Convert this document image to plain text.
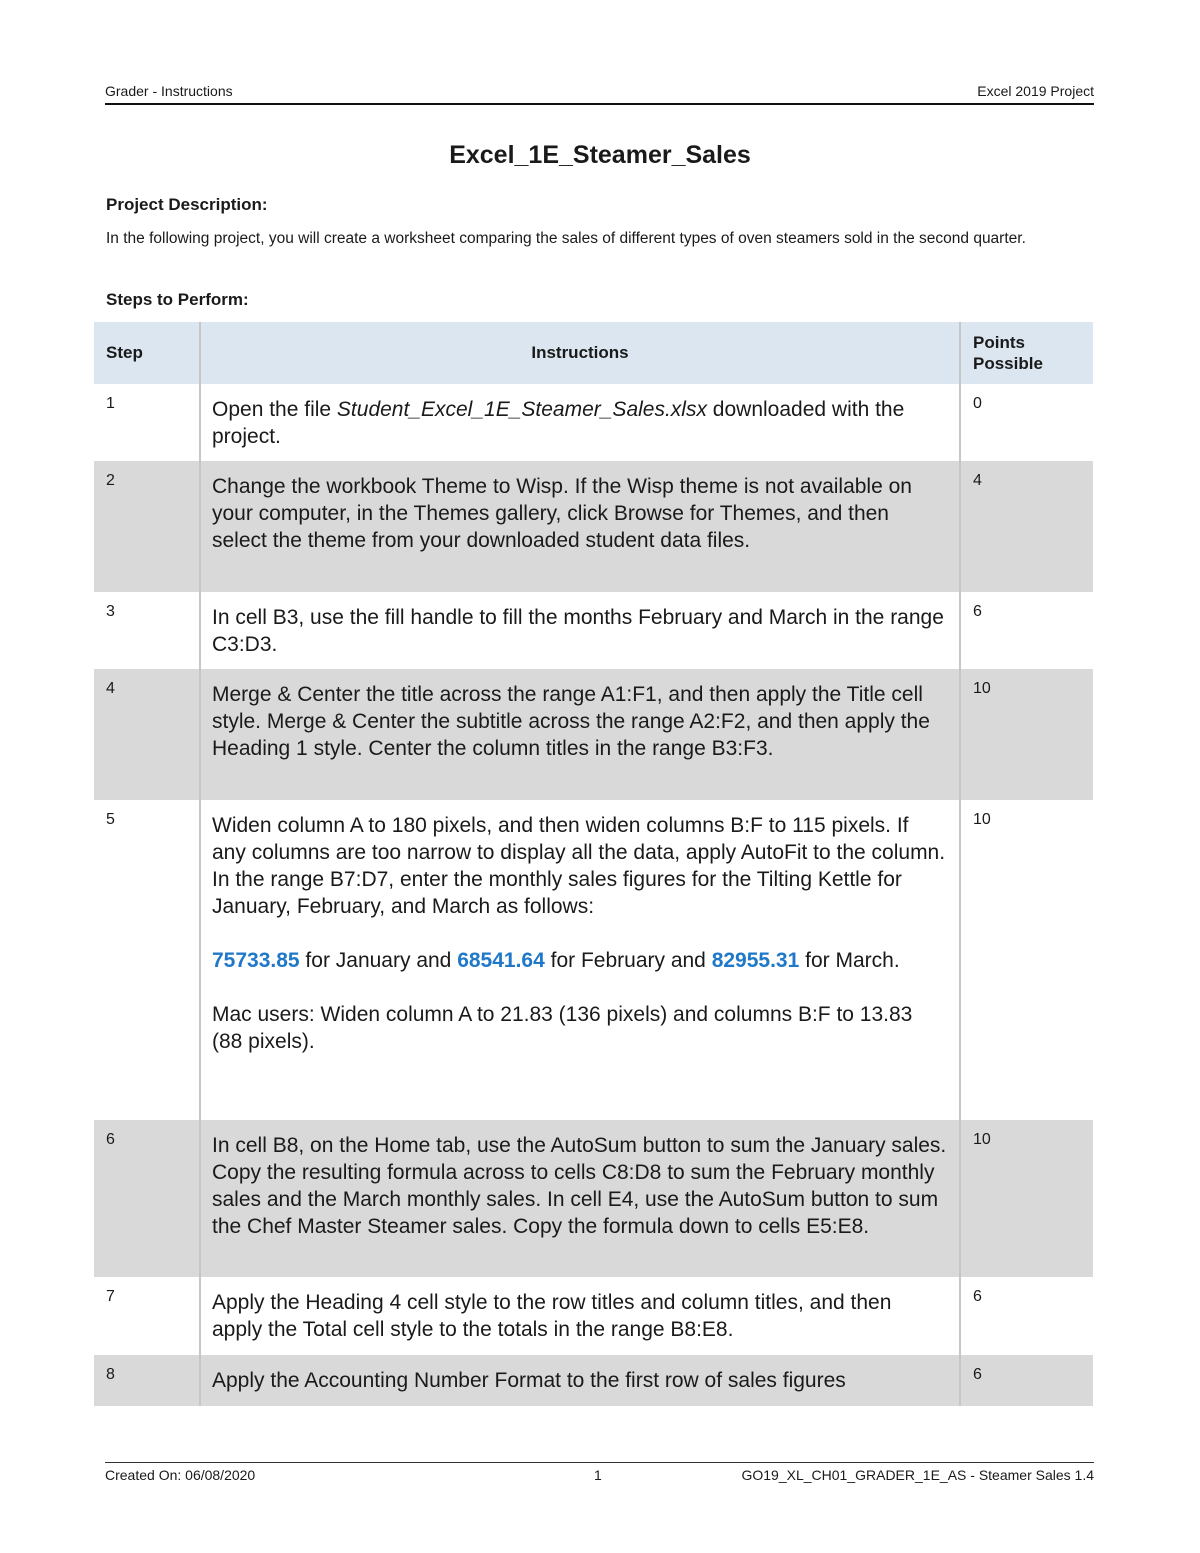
Grader - Instructions	Excel 2019 Project
Excel_1E_Steamer_Sales
Project Description:
In the following project, you will create a worksheet comparing the sales of different types of oven steamers sold in the second quarter.
Steps to Perform:
Step	Instructions	Points
Possible
1	Open the file Student_Excel_1E_Steamer_Sales.xlsx downloaded with the project.	0
2	Change the workbook Theme to Wisp. If the Wisp theme is not available on your computer, in the Themes gallery, click Browse for Themes, and then select the theme from your downloaded student data files.	4
3	In cell B3, use the fill handle to fill the months February and March in the range C3:D3.	6
4	Merge & Center the title across the range A1:F1, and then apply the Title cell style. Merge & Center the subtitle across the range A2:F2, and then apply the Heading 1 style. Center the column titles in the range B3:F3.	10
5	Widen column A to 180 pixels, and then widen columns B:F to 115 pixels. If any columns are too narrow to display all the data, apply AutoFit to the column. In the range B7:D7, enter the monthly sales figures for the Tilting Kettle for January, February, and March as follows:

75733.85 for January and 68541.64 for February and 82955.31 for March.

Mac users: Widen column A to 21.83 (136 pixels) and columns B:F to 13.83 (88 pixels).	10
6	In cell B8, on the Home tab, use the AutoSum button to sum the January sales. Copy the resulting formula across to cells C8:D8 to sum the February monthly sales and the March monthly sales. In cell E4, use the AutoSum button to sum the Chef Master Steamer sales. Copy the formula down to cells E5:E8.	10
7	Apply the Heading 4 cell style to the row titles and column titles, and then apply the Total cell style to the totals in the range B8:E8.	6
8	Apply the Accounting Number Format to the first row of sales figures	6
Created On: 06/08/2020	1	GO19_XL_CH01_GRADER_1E_AS - Steamer Sales 1.4
